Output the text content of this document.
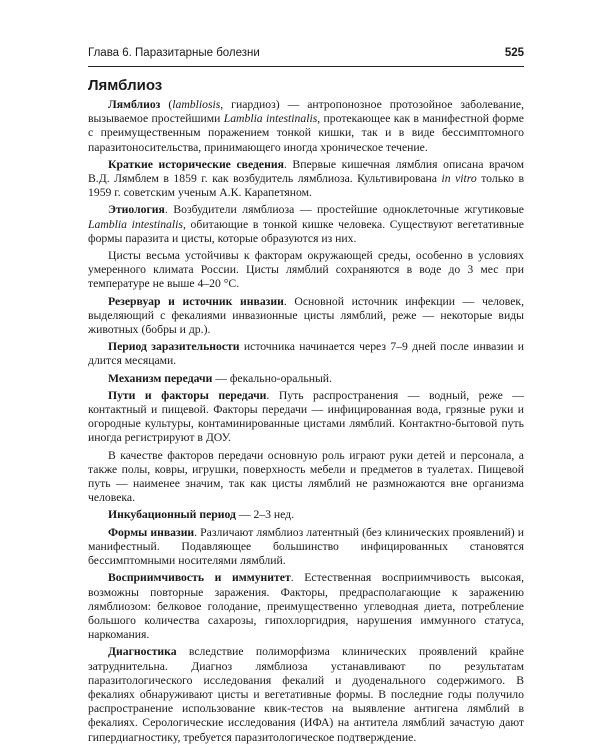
Глава 6. Паразитарные болезни	525
Лямблиоз

Лямблиоз (lambliosis, гиардиоз) — антропонозное протозойное заболевание, вызываемое простейшими Lamblia intestinalis, протекающее как в манифестной форме с преимущественным поражением тонкой кишки, так и в виде бессимптомного паразитоносительства, принимающего иногда хроническое течение.

Краткие исторические сведения. Впервые кишечная лямблия описана врачом В.Д. Лямблем в 1859 г. как возбудитель лямблиоза. Культивирована in vitro только в 1959 г. советским ученым А.К. Карапетяном.

Этиология. Возбудители лямблиоза — простейшие одноклеточные жгутиковые Lamblia intestinalis, обитающие в тонкой кишке человека. Существуют вегетативные формы паразита и цисты, которые образуются из них.

Цисты весьма устойчивы к факторам окружающей среды, особенно в условиях умеренного климата России. Цисты лямблий сохраняются в воде до 3 мес при температуре не выше 4–20 °С.

Резервуар и источник инвазии. Основной источник инфекции — человек, выделяющий с фекалиями инвазионные цисты лямблий, реже — некоторые виды животных (бобры и др.).

Период заразительности источника начинается через 7–9 дней после инвазии и длится месяцами.

Механизм передачи — фекально-оральный.

Пути и факторы передачи. Путь распространения — водный, реже — контактный и пищевой. Факторы передачи — инфицированная вода, грязные руки и огородные культуры, контаминированные цистами лямблий. Контактно-бытовой путь иногда регистрируют в ДОУ.

В качестве факторов передачи основную роль играют руки детей и персонала, а также полы, ковры, игрушки, поверхность мебели и предметов в туалетах. Пищевой путь — наименее значим, так как цисты лямблий не размножаются вне организма человека.

Инкубационный период — 2–3 нед.

Формы инвазии. Различают лямблиоз латентный (без клинических проявлений) и манифестный. Подавляющее большинство инфицированных становятся бессимптомными носителями лямблий.

Восприимчивость и иммунитет. Естественная восприимчивость высокая, возможны повторные заражения. Факторы, предрасполагающие к заражению лямблиозом: белковое голодание, преимущественно углеводная диета, потребление большого количества сахарозы, гипохлоргидрия, нарушения иммунного статуса, наркомания.

Диагностика вследствие полиморфизма клинических проявлений крайне затруднительна. Диагноз лямблиоза устанавливают по результатам паразитологического исследования фекалий и дуоденального содержимого. В фекалиях обнаруживают цисты и вегетативные формы. В последние годы получило распространение использование квик-тестов на выявление антигена лямблий в фекалиях. Серологические исследования (ИФА) на антитела лямблий зачастую дают гипердиагностику, требуется паразитологическое подтверждение.
